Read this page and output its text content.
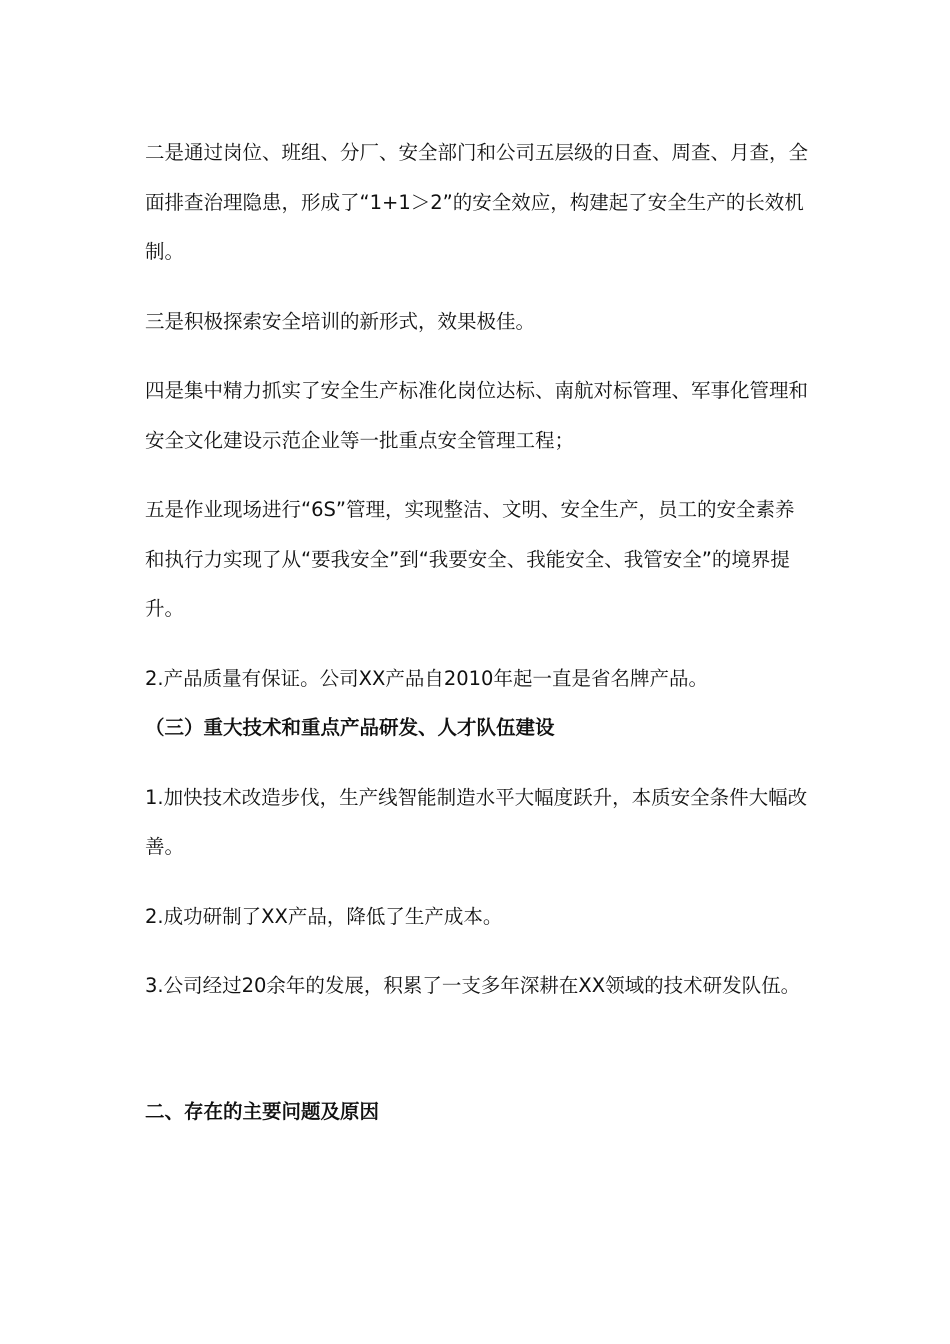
二是通过岗位、班组、分厂、安全部门和公司五层级的日查、周查、月查，全面排查治理隐患，形成了“1+1＞2”的安全效应，构建起了安全生产的长效机制。

三是积极探索安全培训的新形式，效果极佳。

四是集中精力抓实了安全生产标准化岗位达标、南航对标管理、军事化管理和安全文化建设示范企业等一批重点安全管理工程；

五是作业现场进行“6S”管理，实现整洁、文明、安全生产，员工的安全素养和执行力实现了从“要我安全”到“我要安全、我能安全、我管安全”的境界提升。

2.产品质量有保证。公司XX产品自2010年起一直是省名牌产品。

（三）重大技术和重点产品研发、人才队伍建设

1.加快技术改造步伐，生产线智能制造水平大幅度跃升，本质安全条件大幅改善。

2.成功研制了XX产品，降低了生产成本。

3.公司经过20余年的发展，积累了一支多年深耕在XX领域的技术研发队伍。

二、存在的主要问题及原因
